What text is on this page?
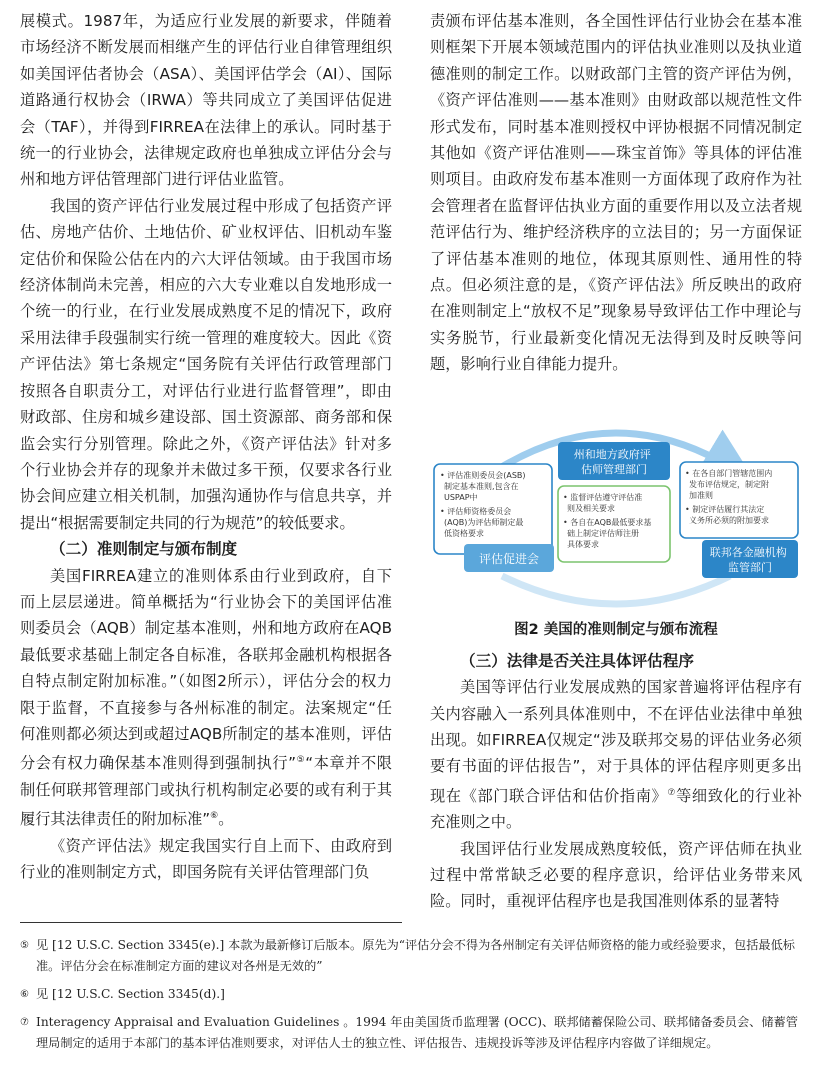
展模式。1987年，为适应行业发展的新要求，伴随着市场经济不断发展而相继产生的评估行业自律管理组织如美国评估者协会（ASA）、美国评估学会（AI）、国际道路通行权协会（IRWA）等共同成立了美国评估促进会（TAF），并得到FIRREA在法律上的承认。同时基于统一的行业协会，法律规定政府也单独成立评估分会与州和地方评估管理部门进行评估业监管。

我国的资产评估行业发展过程中形成了包括资产评估、房地产估价、土地估价、矿业权评估、旧机动车鉴定估价和保险公估在内的六大评估领域。由于我国市场经济体制尚未完善，相应的六大专业难以自发地形成一个统一的行业，在行业发展成熟度不足的情况下，政府采用法律手段强制实行统一管理的难度较大。因此《资产评估法》第七条规定“国务院有关评估行政管理部门按照各自职责分工，对评估行业进行监督管理”，即由财政部、住房和城乡建设部、国土资源部、商务部和保监会实行分别管理。除此之外，《资产评估法》针对多个行业协会并存的现象并未做过多干预，仅要求各行业协会间应建立相关机制，加强沟通协作与信息共享，并提出“根据需要制定共同的行为规范”的较低要求。

（二）准则制定与颁布制度

美国FIRREA建立的准则体系由行业到政府，自下而上层层递进。简单概括为“行业协会下的美国评估准则委员会（AQB）制定基本准则，州和地方政府在AQB最低要求基础上制定各自标准，各联邦金融机构根据各自特点制定附加标准。”（如图2所示），评估分会的权力限于监督，不直接参与各州标准的制定。法案规定“任何准则都必须达到或超过AQB所制定的基本准则，评估分会有权力确保基本准则得到强制执行”⑤“本章并不限制任何联邦管理部门或执行机构制定必要的或有利于其履行其法律责任的附加标准”⑥。

《资产评估法》规定我国实行自上而下、由政府到行业的准则制定方式，即国务院有关评估管理部门负

责颁布评估基本准则，各全国性评估行业协会在基本准则框架下开展本领域范围内的评估执业准则以及执业道德准则的制定工作。以财政部门主管的资产评估为例，《资产评估准则——基本准则》由财政部以规范性文件形式发布，同时基本准则授权中评协根据不同情况制定其他如《资产评估准则——珠宝首饰》等具体的评估准则项目。由政府发布基本准则一方面体现了政府作为社会管理者在监督评估执业方面的重要作用以及立法者规范评估行为、维护经济秩序的立法目的；另一方面保证了评估基本准则的地位，体现其原则性、通用性的特点。但必须注意的是，《资产评估法》所反映出的政府在准则制定上“放权不足”现象易导致评估工作中理论与实务脱节，行业最新变化情况无法得到及时反映等问题，影响行业自律能力提升。

• 评估准则委员会(ASB) 制定基本准则,包含在 USPAP中 • 评估师资格委员会 (AQB)为评估师制定最 低资格要求
评估促进会
州和地方政府评 估师管理部门
• 监督评估遵守评估准 则及相关要求 • 各自在AQB最低要求基 础上制定评估师注册 具体要求
• 在各自部门管辖范围内 发布评估规定，制定附 加准则 • 制定评估履行其法定 义务所必须的附加要求
联邦各金融机构 监管部门

图2 美国的准则制定与颁布流程

（三）法律是否关注具体评估程序

美国等评估行业发展成熟的国家普遍将评估程序有关内容融入一系列具体准则中，不在评估业法律中单独出现。如FIRREA仅规定“涉及联邦交易的评估业务必须要有书面的评估报告”，对于具体的评估程序则更多出现在《部门联合评估和估价指南》⑦等细致化的行业补充准则之中。

我国评估行业发展成熟度较低，资产评估师在执业过程中常常缺乏必要的程序意识，给评估业务带来风险。同时，重视评估程序也是我国准则体系的显著特

⑤ 见 [12 U.S.C. Section 3345(e).] 本款为最新修订后版本。原先为“评估分会不得为各州制定有关评估师资格的能力或经验要求，包括最低标准。评估分会在标准制定方面的建议对各州是无效的”

⑥ 见 [12 U.S.C. Section 3345(d).]

⑦ Interagency Appraisal and Evaluation Guidelines 。1994 年由美国货币监理署 (OCC)、联邦储蓄保险公司、联邦储备委员会、储蓄管理局制定的适用于本部门的基本评估准则要求，对评估人士的独立性、评估报告、违规投诉等涉及评估程序内容做了详细规定。
